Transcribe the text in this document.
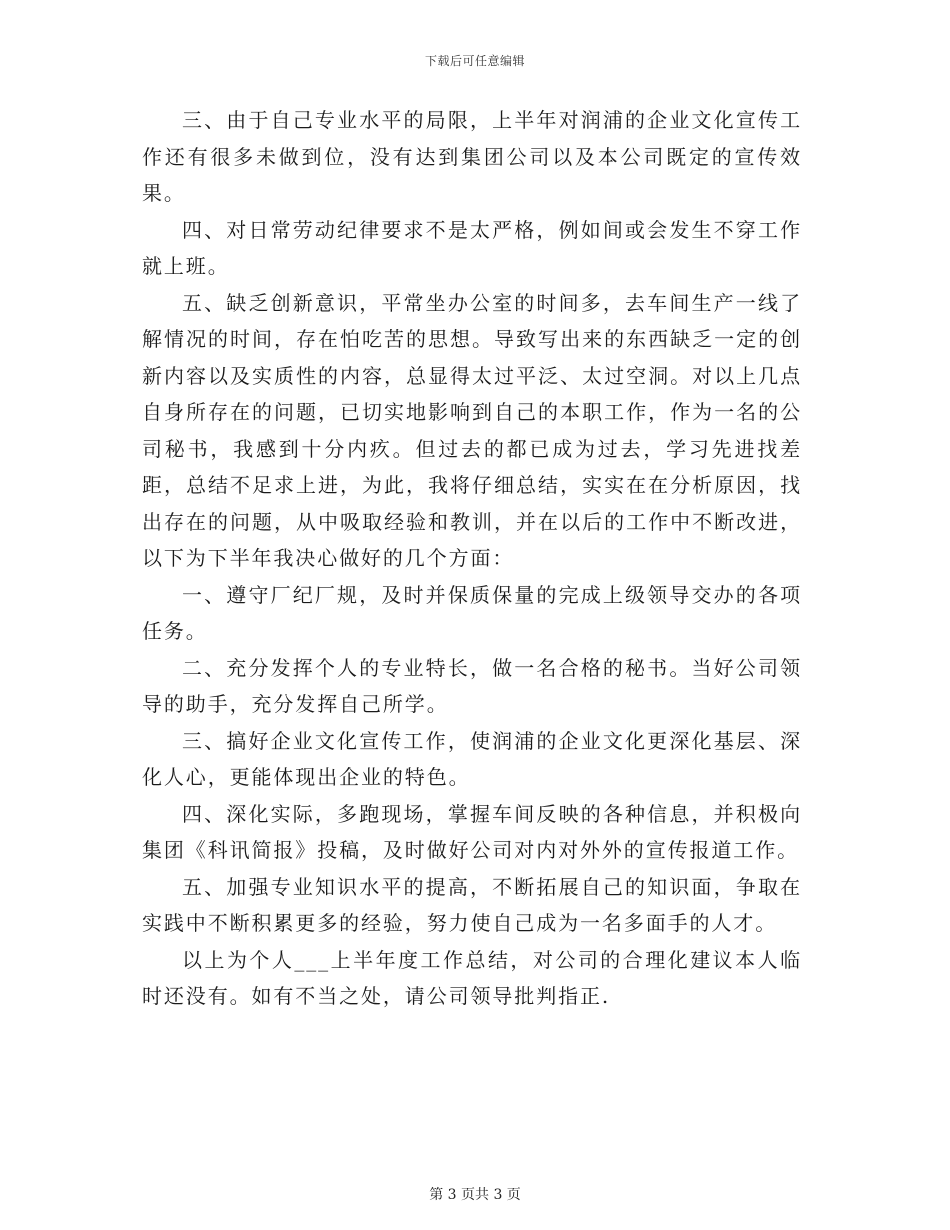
下载后可任意编辑

三、由于自己专业水平的局限，上半年对润浦的企业文化宣传工作还有很多未做到位，没有达到集团公司以及本公司既定的宣传效果。

四、对日常劳动纪律要求不是太严格，例如间或会发生不穿工作就上班。

五、缺乏创新意识，平常坐办公室的时间多，去车间生产一线了解情况的时间，存在怕吃苦的思想。导致写出来的东西缺乏一定的创新内容以及实质性的内容，总显得太过平泛、太过空洞。对以上几点自身所存在的问题，已切实地影响到自己的本职工作，作为一名的公司秘书，我感到十分内疚。但过去的都已成为过去，学习先进找差距，总结不足求上进，为此，我将仔细总结，实实在在分析原因，找出存在的问题，从中吸取经验和教训，并在以后的工作中不断改进，以下为下半年我决心做好的几个方面：

一、遵守厂纪厂规，及时并保质保量的完成上级领导交办的各项任务。

二、充分发挥个人的专业特长，做一名合格的秘书。当好公司领导的助手，充分发挥自己所学。

三、搞好企业文化宣传工作，使润浦的企业文化更深化基层、深化人心，更能体现出企业的特色。

四、深化实际，多跑现场，掌握车间反映的各种信息，并积极向集团《科讯简报》投稿，及时做好公司对内对外外的宣传报道工作。

五、加强专业知识水平的提高，不断拓展自己的知识面，争取在实践中不断积累更多的经验，努力使自己成为一名多面手的人才。

以上为个人___上半年度工作总结，对公司的合理化建议本人临时还没有。如有不当之处，请公司领导批判指正.

第 3 页共 3 页
